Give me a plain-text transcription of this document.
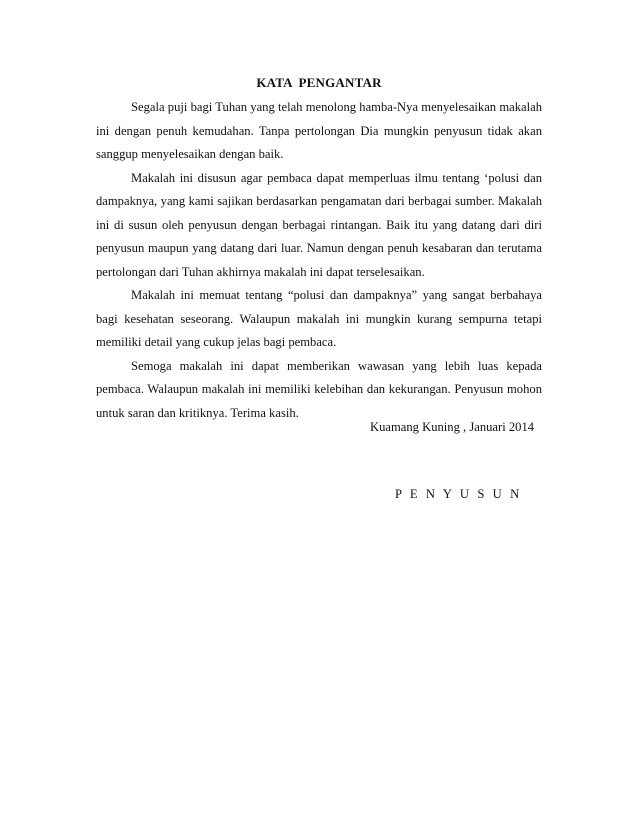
KATA PENGANTAR

Segala puji bagi Tuhan yang telah menolong hamba-Nya menyelesaikan makalah ini dengan penuh kemudahan. Tanpa pertolongan Dia mungkin penyusun tidak akan sanggup menyelesaikan dengan baik.

Makalah ini disusun agar pembaca dapat memperluas ilmu tentang ‘polusi dan dampaknya, yang kami sajikan berdasarkan pengamatan dari berbagai sumber. Makalah ini di susun oleh penyusun dengan berbagai rintangan. Baik itu yang datang dari diri penyusun maupun yang datang dari luar. Namun dengan penuh kesabaran dan terutama pertolongan dari Tuhan akhirnya makalah ini dapat terselesaikan.

Makalah ini memuat tentang “polusi dan dampaknya” yang sangat berbahaya bagi kesehatan seseorang. Walaupun makalah ini mungkin kurang sempurna tetapi memiliki detail yang cukup jelas bagi pembaca.

Semoga makalah ini dapat memberikan wawasan yang lebih luas kepada pembaca. Walaupun makalah ini memiliki kelebihan dan kekurangan. Penyusun mohon untuk saran dan kritiknya. Terima kasih.

Kuamang Kuning , Januari 2014
P E N Y U S U N
